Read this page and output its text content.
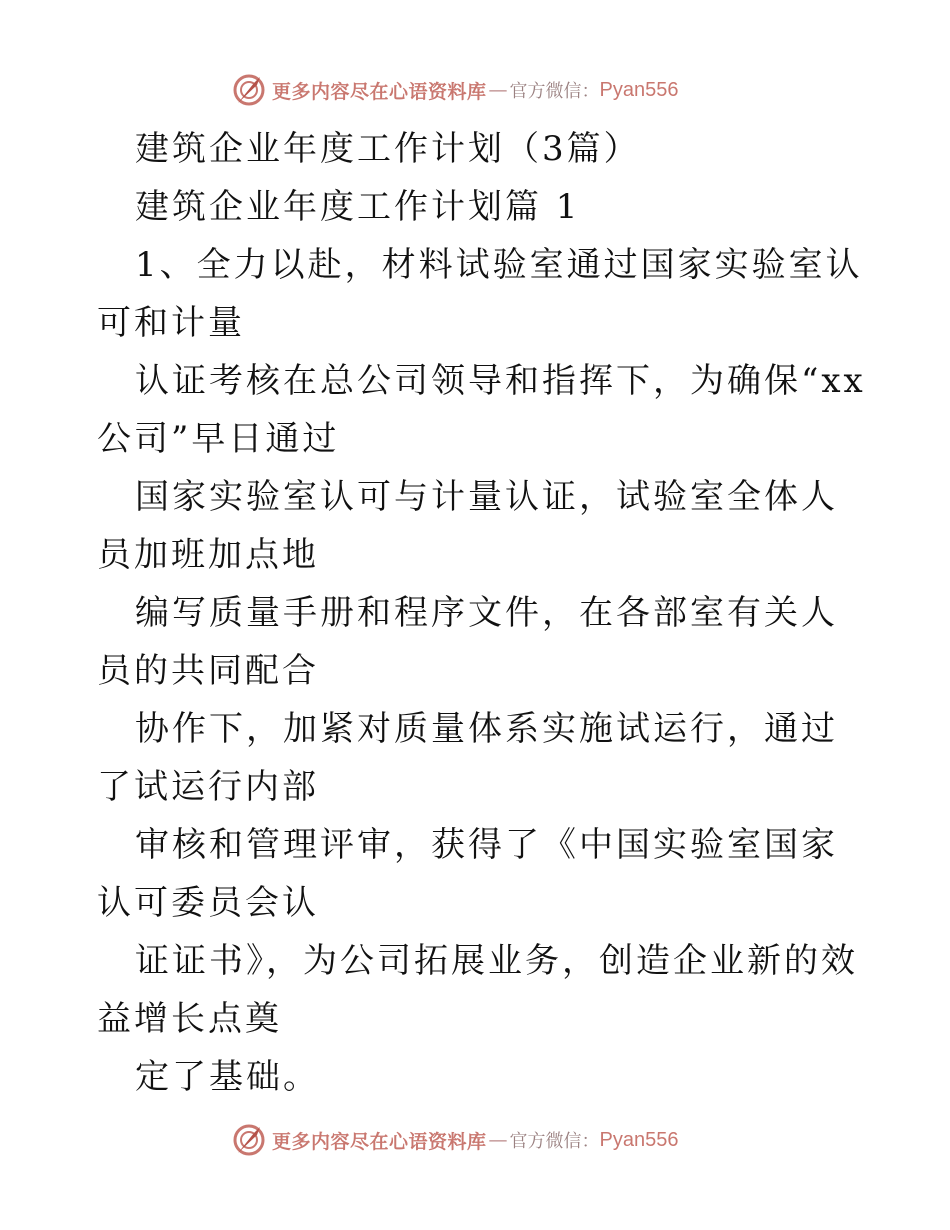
更多内容尽在心语资料库 — 官方微信： Pyan556

建筑企业年度工作计划（3篇）

建筑企业年度工作计划篇 1

1、全力以赴，材料试验室通过国家实验室认可和计量

认证考核在总公司领导和指挥下，为确保“xx公司”早日通过

国家实验室认可与计量认证，试验室全体人员加班加点地

编写质量手册和程序文件，在各部室有关人员的共同配合

协作下，加紧对质量体系实施试运行，通过了试运行内部

审核和管理评审，获得了《中国实验室国家认可委员会认

证证书》，为公司拓展业务，创造企业新的效益增长点奠

定了基础。

更多内容尽在心语资料库 — 官方微信： Pyan556
